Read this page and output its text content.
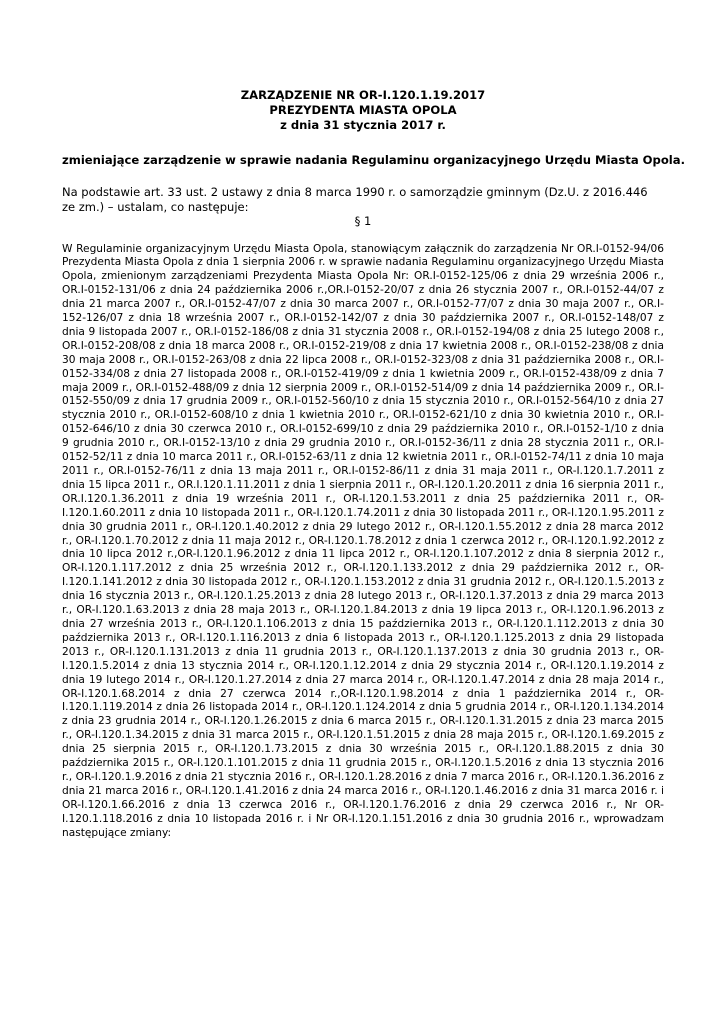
ZARZĄDZENIE NR OR-I.120.1.19.2017

PREZYDENTA MIASTA OPOLA

z dnia 31 stycznia 2017 r.

zmieniające zarządzenie w sprawie nadania Regulaminu organizacyjnego Urzędu Miasta Opola.

Na podstawie art. 33 ust. 2 ustawy z dnia 8 marca 1990 r. o samorządzie gminnym (Dz.U. z 2016.446 ze zm.) – ustalam, co następuje:

§ 1

W Regulaminie organizacyjnym Urzędu Miasta Opola, stanowiącym załącznik do zarządzenia Nr OR.I-0152-94/06 Prezydenta Miasta Opola z dnia 1 sierpnia 2006 r. w sprawie nadania Regulaminu organizacyjnego Urzędu Miasta Opola, zmienionym zarządzeniami Prezydenta Miasta Opola Nr: OR.I-0152-125/06 z dnia 29 września 2006 r., OR.I-0152-131/06 z dnia 24 października 2006 r.,OR.I-0152-20/07 z dnia 26 stycznia 2007 r., OR.I-0152-44/07 z dnia 21 marca 2007 r., OR.I-0152-47/07 z dnia 30 marca 2007 r., OR.I-0152-77/07 z dnia 30 maja 2007 r., OR.I-152-126/07 z dnia 18 września 2007 r., OR.I-0152-142/07 z dnia 30 października 2007 r., OR.I-0152-148/07 z dnia 9 listopada 2007 r., OR.I-0152-186/08 z dnia 31 stycznia 2008 r., OR.I-0152-194/08 z dnia 25 lutego 2008 r., OR.I-0152-208/08 z dnia 18 marca 2008 r., OR.I-0152-219/08 z dnia 17 kwietnia 2008 r., OR.I-0152-238/08 z dnia 30 maja 2008 r., OR.I-0152-263/08 z dnia 22 lipca 2008 r., OR.I-0152-323/08 z dnia 31 października 2008 r., OR.I-0152-334/08 z dnia 27 listopada 2008 r., OR.I-0152-419/09 z dnia 1 kwietnia 2009 r., OR.I-0152-438/09 z dnia 7 maja 2009 r., OR.I-0152-488/09 z dnia 12 sierpnia 2009 r., OR.I-0152-514/09 z dnia 14 października 2009 r., OR.I-0152-550/09 z dnia 17 grudnia 2009 r., OR.I-0152-560/10 z dnia 15 stycznia 2010 r., OR.I-0152-564/10 z dnia 27 stycznia 2010 r., OR.I-0152-608/10 z dnia 1 kwietnia 2010 r., OR.I-0152-621/10 z dnia 30 kwietnia 2010 r., OR.I-0152-646/10 z dnia 30 czerwca 2010 r., OR.I-0152-699/10 z dnia 29 października 2010 r., OR.I-0152-1/10 z dnia 9 grudnia 2010 r., OR.I-0152-13/10 z dnia 29 grudnia 2010 r., OR.I-0152-36/11 z dnia 28 stycznia 2011 r., OR.I-0152-52/11 z dnia 10 marca 2011 r., OR.I-0152-63/11 z dnia 12 kwietnia 2011 r., OR.I-0152-74/11 z dnia 10 maja 2011 r., OR.I-0152-76/11 z dnia 13 maja 2011 r., OR.I-0152-86/11 z dnia 31 maja 2011 r., OR-I.120.1.7.2011 z dnia 15 lipca 2011 r., OR.I.120.1.11.2011 z dnia 1 sierpnia 2011 r., OR-I.120.1.20.2011 z dnia 16 sierpnia 2011 r., OR.I.120.1.36.2011 z dnia 19 września 2011 r., OR-I.120.1.53.2011 z dnia 25 października 2011 r., OR-I.120.1.60.2011 z dnia 10 listopada 2011 r., OR-I.120.1.74.2011 z dnia 30 listopada 2011 r., OR-I.120.1.95.2011 z dnia 30 grudnia 2011 r., OR-I.120.1.40.2012 z dnia 29 lutego 2012 r., OR-I.120.1.55.2012 z dnia 28 marca 2012 r., OR-I.120.1.70.2012 z dnia 11 maja 2012 r., OR-I.120.1.78.2012 z dnia 1 czerwca 2012 r., OR-I.120.1.92.2012 z dnia 10 lipca 2012 r.,OR-I.120.1.96.2012 z dnia 11 lipca 2012 r., OR-I.120.1.107.2012 z dnia 8 sierpnia 2012 r., OR-I.120.1.117.2012 z dnia 25 września 2012 r., OR-I.120.1.133.2012 z dnia 29 października 2012 r., OR-I.120.1.141.2012 z dnia 30 listopada 2012 r., OR-I.120.1.153.2012 z dnia 31 grudnia 2012 r., OR-I.120.1.5.2013 z dnia 16 stycznia 2013 r., OR-I.120.1.25.2013 z dnia 28 lutego 2013 r., OR-I.120.1.37.2013 z dnia 29 marca 2013 r., OR-I.120.1.63.2013 z dnia 28 maja 2013 r., OR-I.120.1.84.2013 z dnia 19 lipca 2013 r., OR-I.120.1.96.2013 z dnia 27 września 2013 r., OR-I.120.1.106.2013 z dnia 15 października 2013 r., OR-I.120.1.112.2013 z dnia 30 października 2013 r., OR-I.120.1.116.2013 z dnia 6 listopada 2013 r., OR-I.120.1.125.2013 z dnia 29 listopada 2013 r., OR-I.120.1.131.2013 z dnia 11 grudnia 2013 r., OR-I.120.1.137.2013 z dnia 30 grudnia 2013 r., OR-I.120.1.5.2014 z dnia 13 stycznia 2014 r., OR-I.120.1.12.2014 z dnia 29 stycznia 2014 r., OR-I.120.1.19.2014 z dnia 19 lutego 2014 r., OR-I.120.1.27.2014 z dnia 27 marca 2014 r., OR-I.120.1.47.2014 z dnia 28 maja 2014 r., OR-I.120.1.68.2014 z dnia 27 czerwca 2014 r.,OR-I.120.1.98.2014 z dnia 1 października 2014 r., OR-I.120.1.119.2014 z dnia 26 listopada 2014 r., OR-I.120.1.124.2014 z dnia 5 grudnia 2014 r., OR-I.120.1.134.2014 z dnia 23 grudnia 2014 r., OR-I.120.1.26.2015 z dnia 6 marca 2015 r., OR-I.120.1.31.2015 z dnia 23 marca 2015 r., OR-I.120.1.34.2015 z dnia 31 marca 2015 r., OR-I.120.1.51.2015 z dnia 28 maja 2015 r., OR-I.120.1.69.2015 z dnia 25 sierpnia 2015 r., OR-I.120.1.73.2015 z dnia 30 września 2015 r., OR-I.120.1.88.2015 z dnia 30 października 2015 r., OR-I.120.1.101.2015 z dnia 11 grudnia 2015 r., OR-I.120.1.5.2016 z dnia 13 stycznia 2016 r., OR-I.120.1.9.2016 z dnia 21 stycznia 2016 r., OR-I.120.1.28.2016 z dnia 7 marca 2016 r., OR-I.120.1.36.2016 z dnia 21 marca 2016 r., OR-I.120.1.41.2016 z dnia 24 marca 2016 r., OR-I.120.1.46.2016 z dnia 31 marca 2016 r. i OR-I.120.1.66.2016 z dnia 13 czerwca 2016 r., OR-I.120.1.76.2016 z dnia 29 czerwca 2016 r., Nr OR-I.120.1.118.2016 z dnia 10 listopada 2016 r. i Nr OR-I.120.1.151.2016 z dnia 30 grudnia 2016 r., wprowadzam następujące zmiany:
